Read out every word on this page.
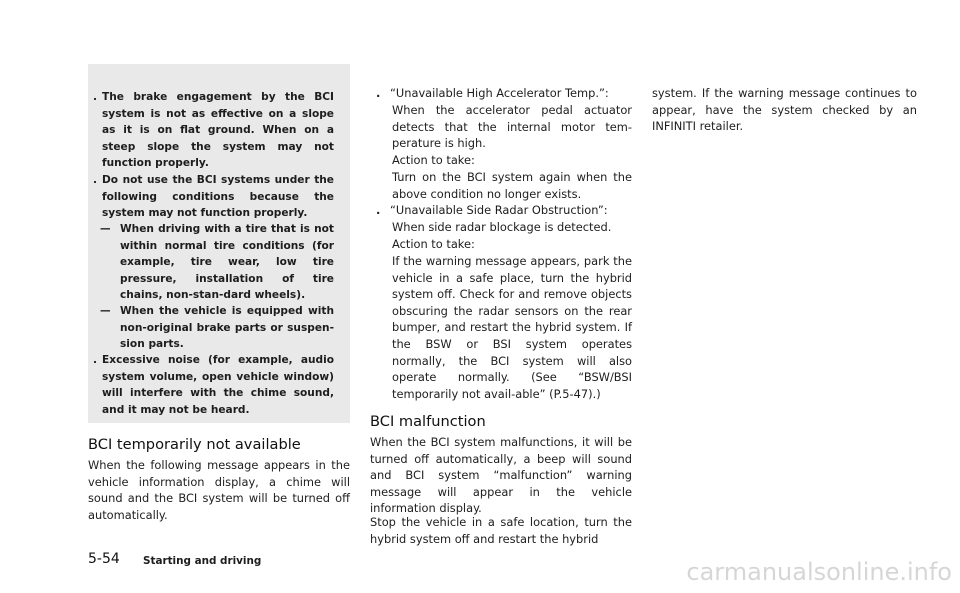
. The brake engagement by the BCI system is not as effective on a slope as it is on flat ground. When on a steep slope the system may not function properly.
. Do not use the BCI systems under the following conditions because the system may not function properly.
— When driving with a tire that is not within normal tire conditions (for example, tire wear, low tire pressure, installation of tire chains, non-stan-dard wheels).
— When the vehicle is equipped with non-original brake parts or suspen-sion parts.
. Excessive noise (for example, audio system volume, open vehicle window) will interfere with the chime sound, and it may not be heard.
BCI temporarily not available
When the following message appears in the vehicle information display, a chime will sound and the BCI system will be turned off automatically.
. “Unavailable High Accelerator Temp.”:
When the accelerator pedal actuator detects that the internal motor tem-perature is high.
Action to take:
Turn on the BCI system again when the above condition no longer exists.
. “Unavailable Side Radar Obstruction”:
When side radar blockage is detected.
Action to take:
If the warning message appears, park the vehicle in a safe place, turn the hybrid system off. Check for and remove objects obscuring the radar sensors on the rear bumper, and restart the hybrid system. If the BSW or BSI system operates normally, the BCI system will also operate normally. (See “BSW/BSI temporarily not avail-able” (P.5-47).)
BCI malfunction
When the BCI system malfunctions, it will be turned off automatically, a beep will sound and BCI system “malfunction” warning message will appear in the vehicle information display.
Stop the vehicle in a safe location, turn the hybrid system off and restart the hybrid
system. If the warning message continues to appear, have the system checked by an INFINITI retailer.
5-54 Starting and driving	carmanualsonline.info
